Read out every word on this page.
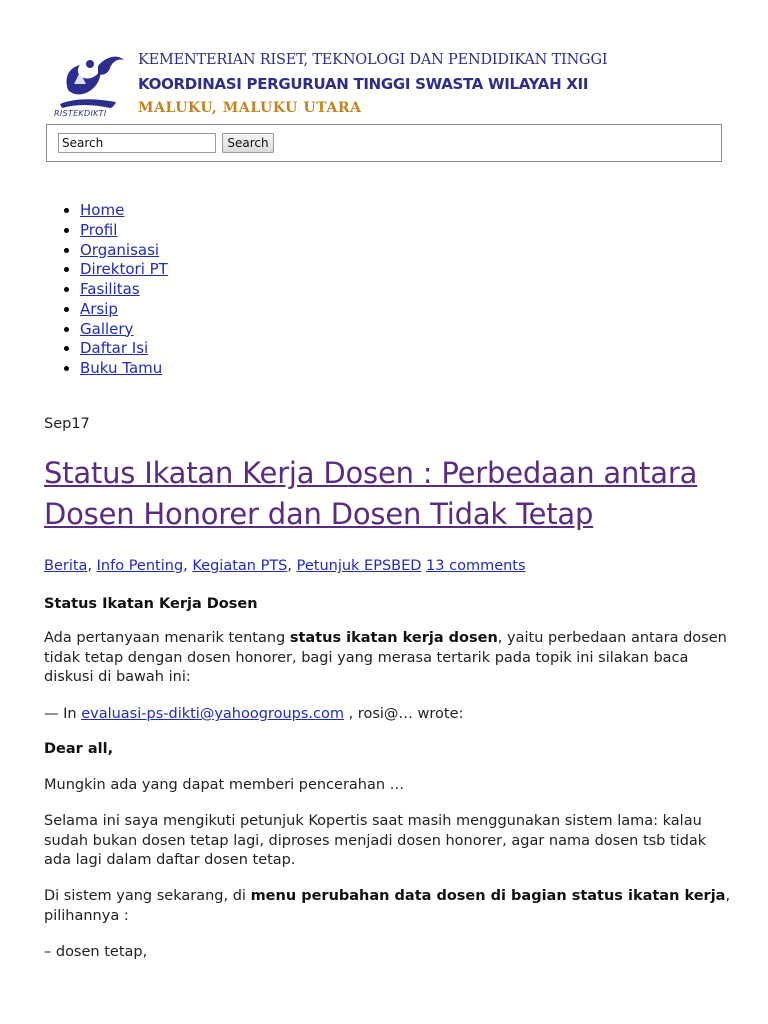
RISTEKDIKTI
KEMENTERIAN RISET, TEKNOLOGI DAN PENDIDIKAN TINGGI
KOORDINASI PERGURUAN TINGGI SWASTA WILAYAH XII
MALUKU, MALUKU UTARA
Search
Search
• Home
• Profil
• Organisasi
• Direktori PT
• Fasilitas
• Arsip
• Gallery
• Daftar Isi
• Buku Tamu
Sep17
Status Ikatan Kerja Dosen : Perbedaan antara Dosen Honorer dan Dosen Tidak Tetap
Berita, Info Penting, Kegiatan PTS, Petunjuk EPSBED 13 comments
Status Ikatan Kerja Dosen
Ada pertanyaan menarik tentang status ikatan kerja dosen, yaitu perbedaan antara dosen tidak tetap dengan dosen honorer, bagi yang merasa tertarik pada topik ini silakan baca diskusi di bawah ini:
— In evaluasi-ps-dikti@yahoogroups.com , rosi@… wrote:
Dear all,
Mungkin ada yang dapat memberi pencerahan …
Selama ini saya mengikuti petunjuk Kopertis saat masih menggunakan sistem lama: kalau sudah bukan dosen tetap lagi, diproses menjadi dosen honorer, agar nama dosen tsb tidak ada lagi dalam daftar dosen tetap.
Di sistem yang sekarang, di menu perubahan data dosen di bagian status ikatan kerja, pilihannya :
– dosen tetap,
